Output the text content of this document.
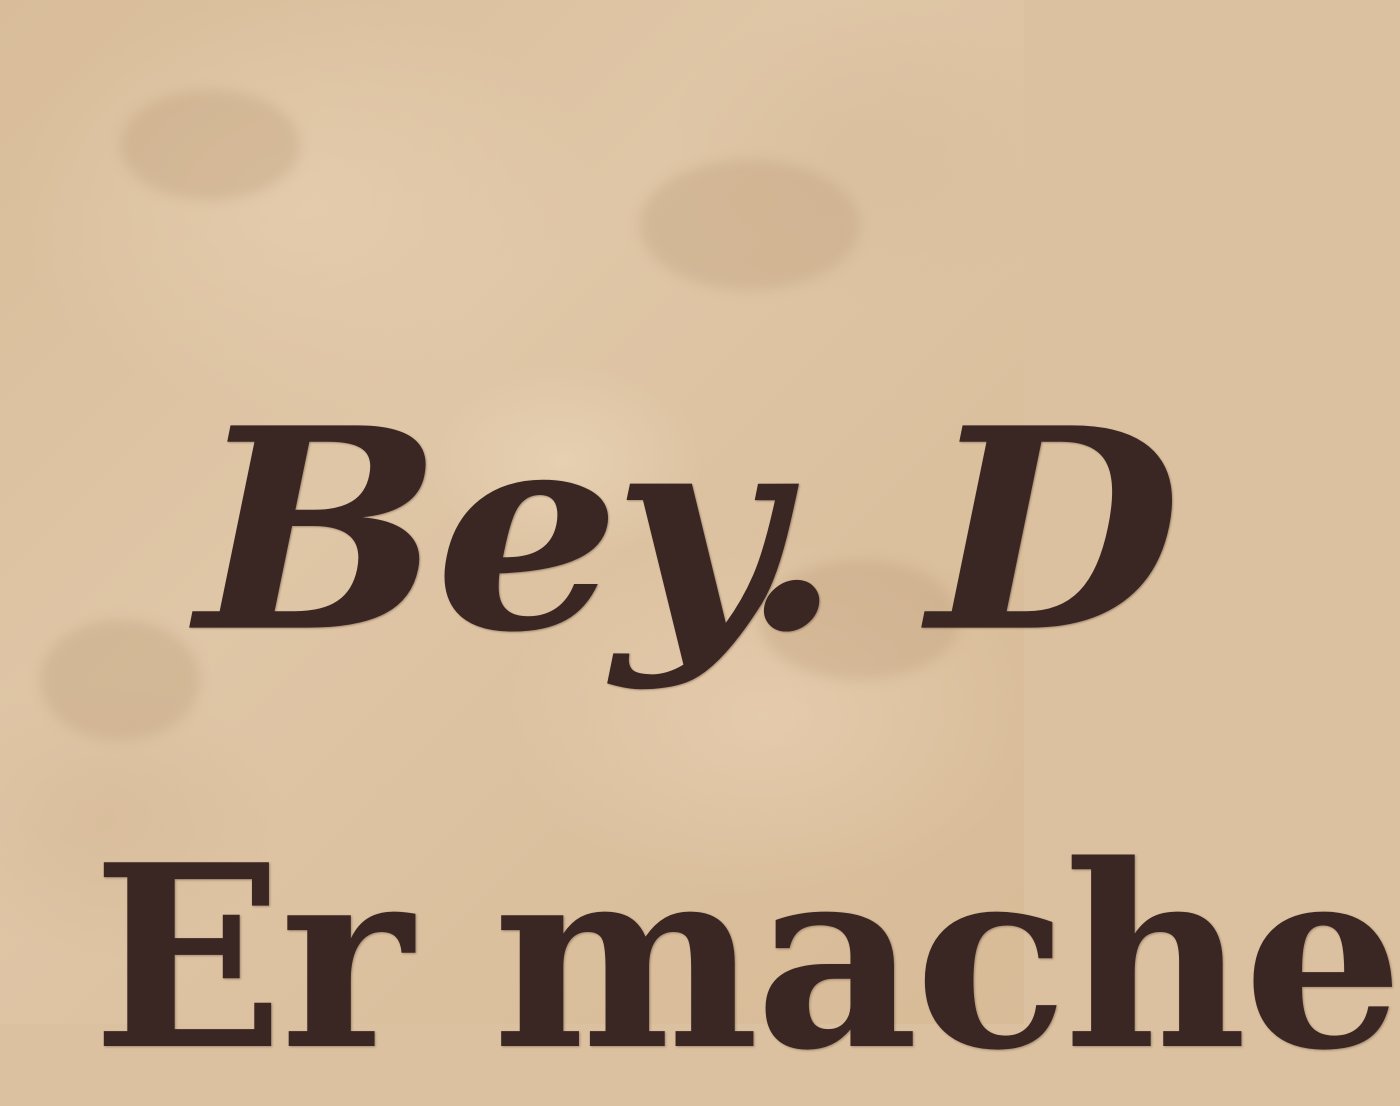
Bey. D

Er mache
